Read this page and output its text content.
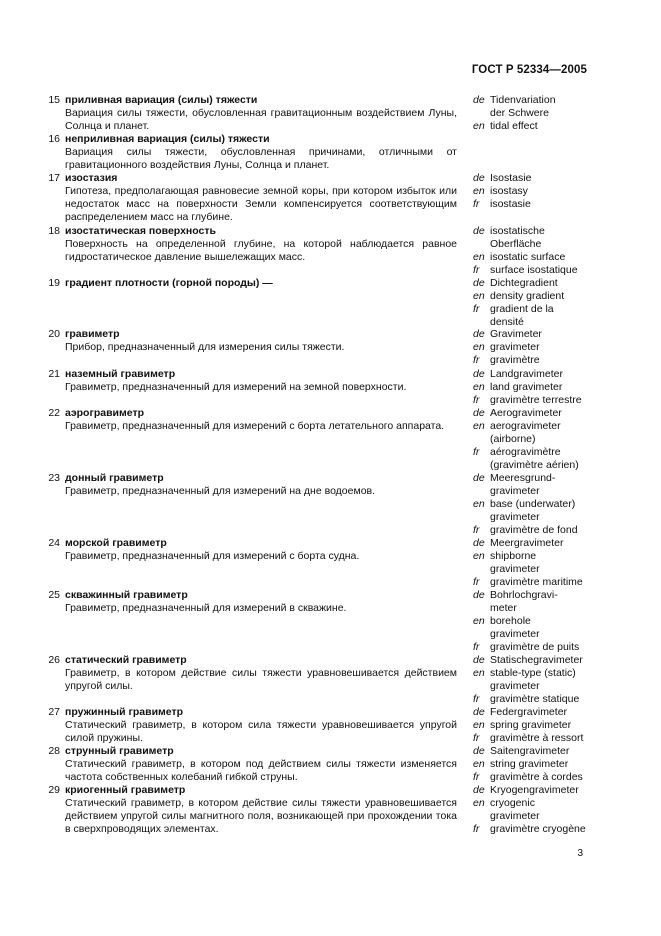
ГОСТ Р 52334—2005
15 приливная вариация (силы) тяжести
Вариация силы тяжести, обусловленная гравитационным воздействием Луны, Солнца и планет.
de Tidenvariation
der Schwere
en tidal effect
16 неприливная вариация (силы) тяжести
Вариация силы тяжести, обусловленная причинами, отличными от гравитационного воздействия Луны, Солнца и планет.
17 изостазия
Гипотеза, предполагающая равновесие земной коры, при котором избыток или недостаток масс на поверхности Земли компенсируется соответствующим распределением масс на глубине.
de Isostasie
en isostasy
fr	isostasie
18 изостатическая поверхность
Поверхность на определенной глубине, на которой наблюдается равное гидростатическое давление вышележащих масс.
de isostatische
Oberfläche
en isostatic surface
fr	surface isostatique
19 градиент плотности (горной породы) —	de Dichtegradient
en density gradient
fr	gradient de la
densité
20 гравиметр
Прибор, предназначенный для измерения силы тяжести.
de Gravimeter
en gravimeter
fr	gravimètre
21 наземный гравиметр
Гравиметр, предназначенный для измерений на земной поверхности.
de Landgravimeter
en land gravimeter
fr	gravimètre terrestre
22 аэрогравиметр
Гравиметр, предназначенный для измерений с борта летательного аппарата.
de Aerogravimeter
en aerogravimeter
(airborne)
fr	aérogravimètre
(gravimètre aérien)
23 донный гравиметр
Гравиметр, предназначенный для измерений на дне водоемов.
de Meeresgrund-
gravimeter
en base (underwater)
gravimeter
fr	gravimètre de fond
24 морской гравиметр
Гравиметр, предназначенный для измерений с борта судна.
de Meergravimeter
en shipborne
gravimeter
fr	gravimètre maritime
25 скважинный гравиметр
Гравиметр, предназначенный для измерений в скважине.
de Bohrlochgravi-
meter
en borehole
gravimeter
fr	gravimètre de puits
26 статический гравиметр
Гравиметр, в котором действие силы тяжести уравновешивается действием упругой силы.
de Statischegravimeter
en stable-type (static)
gravimeter
fr	gravimètre statique
27 пружинный гравиметр
Статический гравиметр, в котором сила тяжести уравновешивается упругой силой пружины.
de Federgravimeter
en spring gravimeter
fr	gravimètre à ressort
28 струнный гравиметр
Статический гравиметр, в котором под действием силы тяжести изменяется частота собственных колебаний гибкой струны.
de Saitengravimeter
en string gravimeter
fr	gravimètre à cordes
29 криогенный гравиметр
Статический гравиметр, в котором действие силы тяжести уравновешивается действием упругой силы магнитного поля, возникающей при прохождении тока в сверхпроводящих элементах.
de Kryogengravimeter
en cryogenic
gravimeter
fr	gravimètre cryogène
3
